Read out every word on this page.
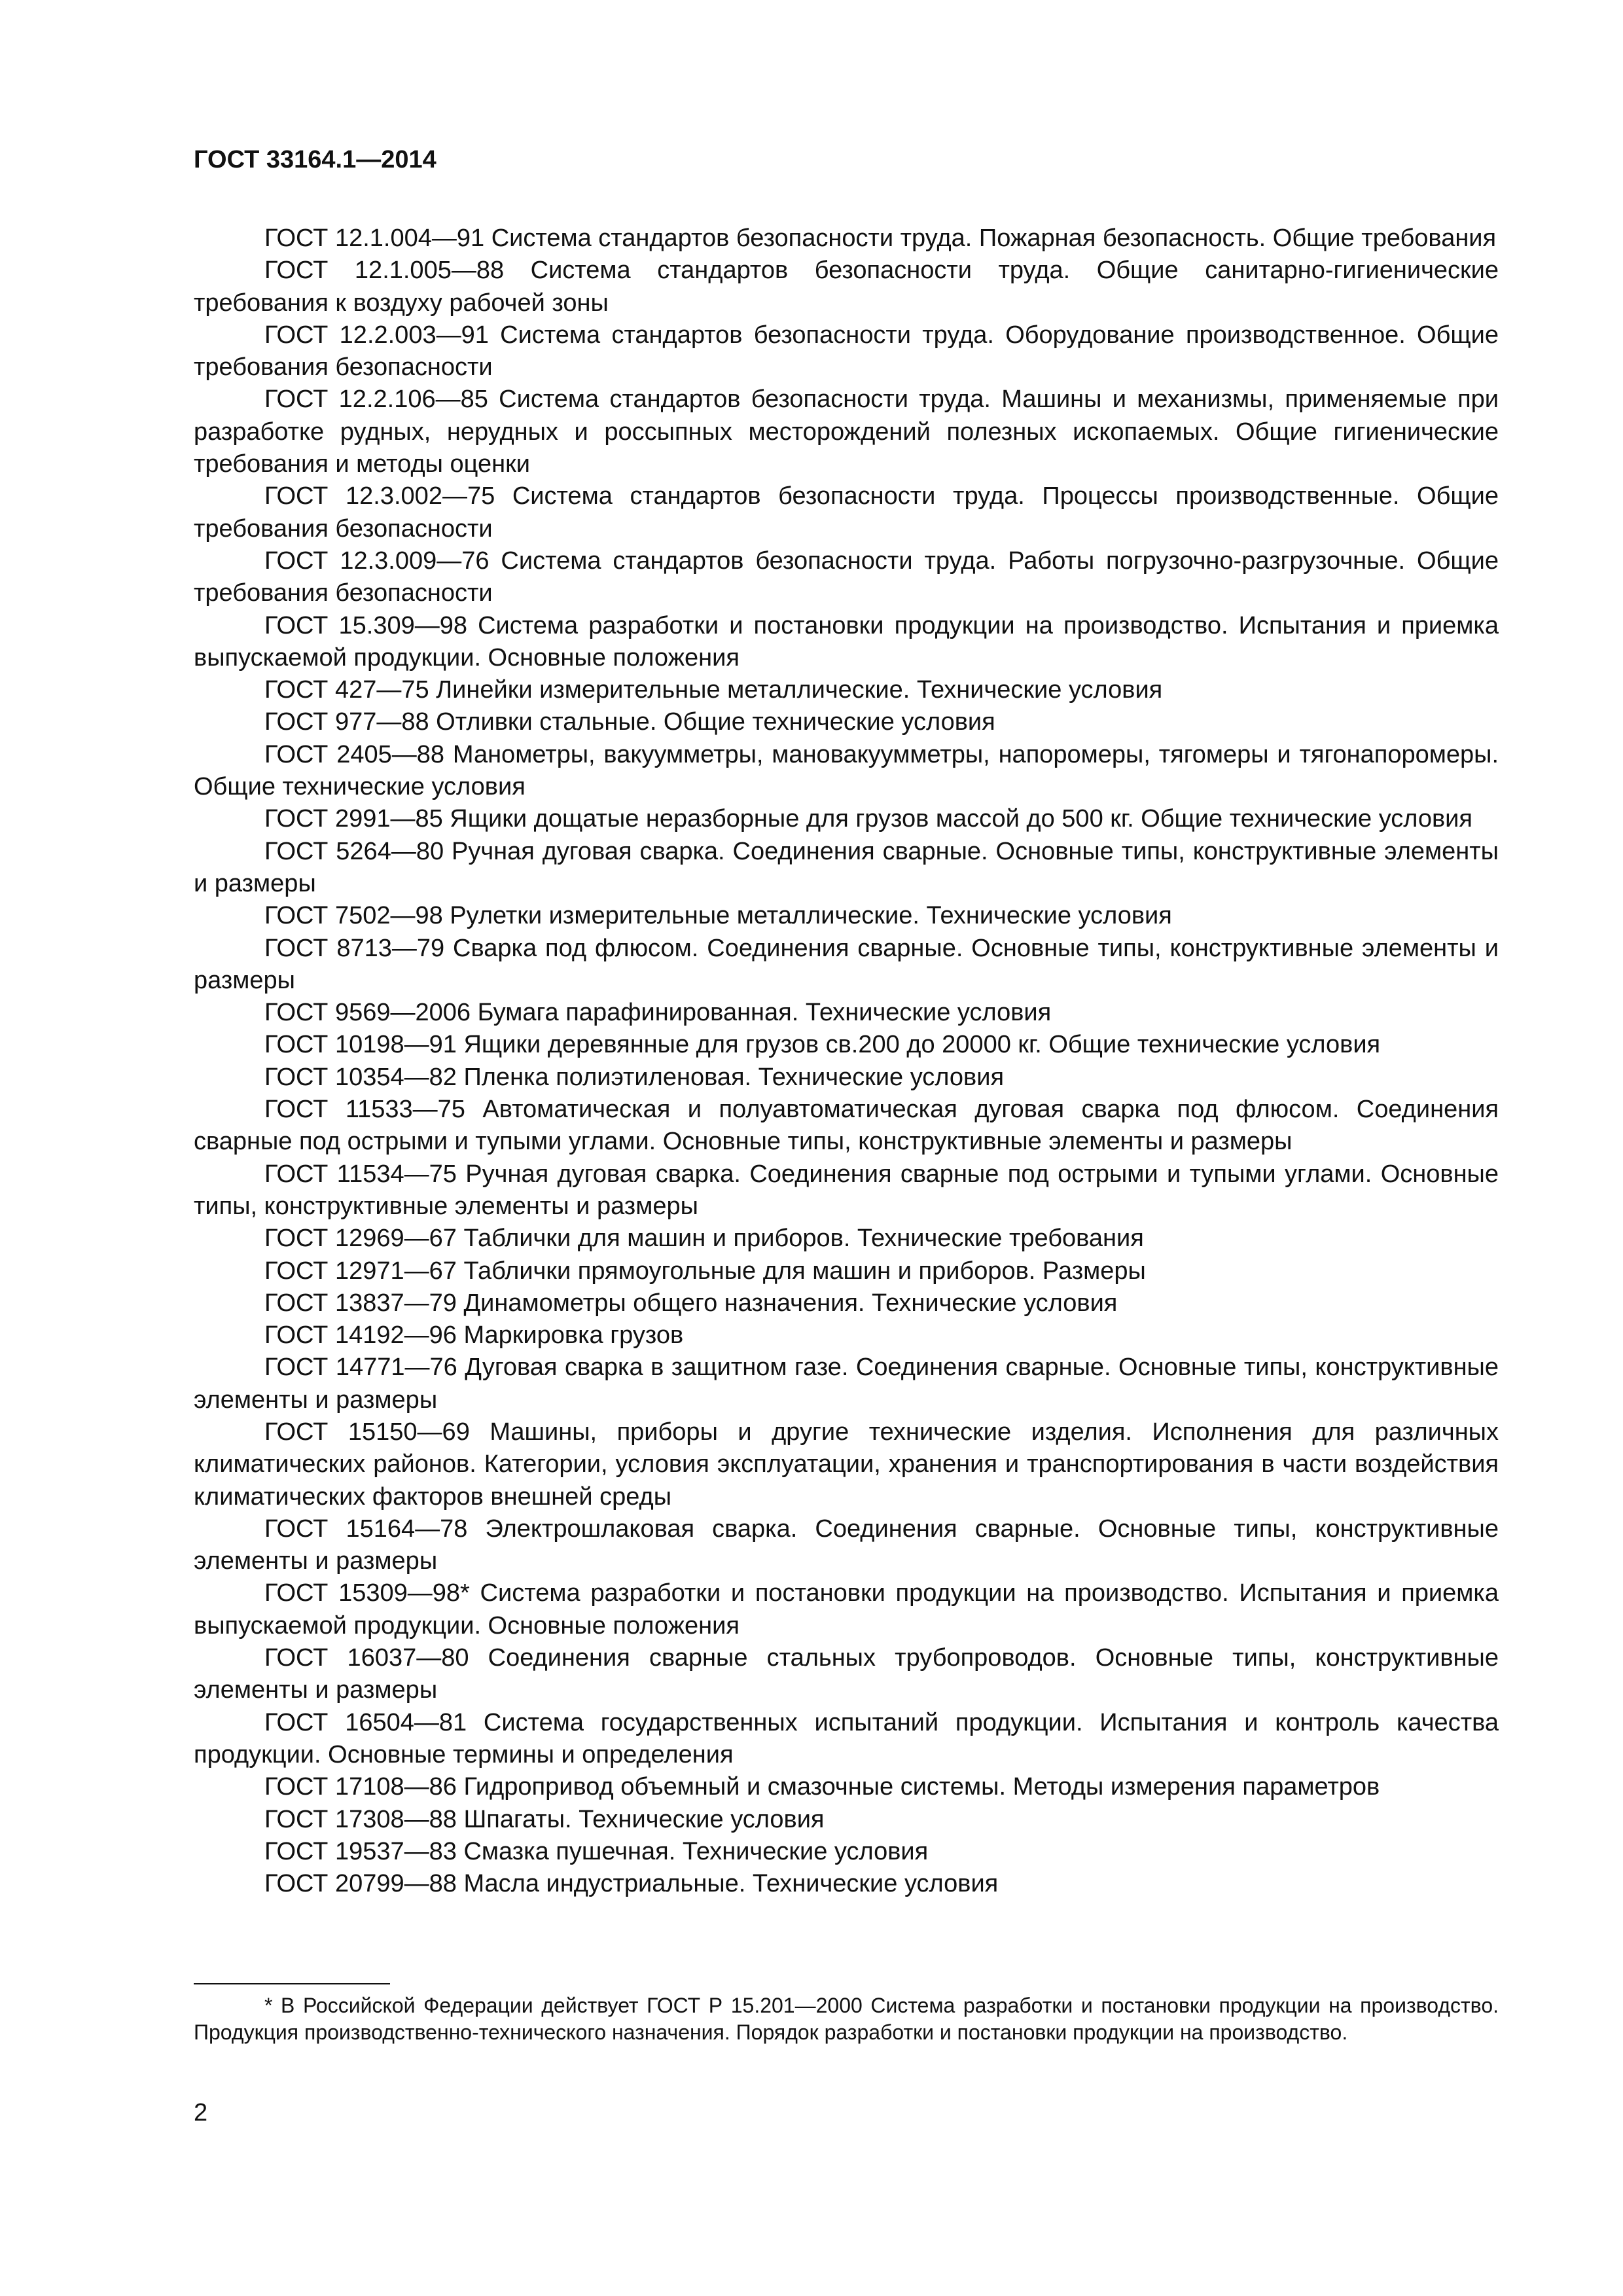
ГОСТ 33164.1—2014

ГОСТ 12.1.004—91 Система стандартов безопасности труда. Пожарная безопасность. Общие требования

ГОСТ 12.1.005—88 Система стандартов безопасности труда. Общие санитарно-гигиенические требования к воздуху рабочей зоны

ГОСТ 12.2.003—91 Система стандартов безопасности труда. Оборудование производственное. Общие требования безопасности

ГОСТ 12.2.106—85 Система стандартов безопасности труда. Машины и механизмы, применяемые при разработке рудных, нерудных и россыпных месторождений полезных ископаемых. Общие гигиенические требования и методы оценки

ГОСТ 12.3.002—75 Система стандартов безопасности труда. Процессы производственные. Общие требования безопасности

ГОСТ 12.3.009—76 Система стандартов безопасности труда. Работы погрузочно-разгрузочные. Общие требования безопасности

ГОСТ 15.309—98 Система разработки и постановки продукции на производство. Испытания и приемка выпускаемой продукции. Основные положения

ГОСТ 427—75 Линейки измерительные металлические. Технические условия

ГОСТ 977—88 Отливки стальные. Общие технические условия

ГОСТ 2405—88 Манометры, вакуумметры, мановакуумметры, напоромеры, тягомеры и тягонапоромеры. Общие технические условия

ГОСТ 2991—85 Ящики дощатые неразборные для грузов массой до 500 кг. Общие технические условия

ГОСТ 5264—80 Ручная дуговая сварка. Соединения сварные. Основные типы, конструктивные элементы и размеры

ГОСТ 7502—98 Рулетки измерительные металлические. Технические условия

ГОСТ 8713—79 Сварка под флюсом. Соединения сварные. Основные типы, конструктивные элементы и размеры

ГОСТ 9569—2006 Бумага парафинированная. Технические условия

ГОСТ 10198—91 Ящики деревянные для грузов св.200 до 20000 кг. Общие технические условия

ГОСТ 10354—82 Пленка полиэтиленовая. Технические условия

ГОСТ 11533—75 Автоматическая и полуавтоматическая дуговая сварка под флюсом. Соединения сварные под острыми и тупыми углами. Основные типы, конструктивные элементы и размеры

ГОСТ 11534—75 Ручная дуговая сварка. Соединения сварные под острыми и тупыми углами. Основные типы, конструктивные элементы и размеры

ГОСТ 12969—67 Таблички для машин и приборов. Технические требования

ГОСТ 12971—67 Таблички прямоугольные для машин и приборов. Размеры

ГОСТ 13837—79 Динамометры общего назначения. Технические условия

ГОСТ 14192—96 Маркировка грузов

ГОСТ 14771—76 Дуговая сварка в защитном газе. Соединения сварные. Основные типы, конструктивные элементы и размеры

ГОСТ 15150—69 Машины, приборы и другие технические изделия. Исполнения для различных климатических районов. Категории, условия эксплуатации, хранения и транспортирования в части воздействия климатических факторов внешней среды

ГОСТ 15164—78 Электрошлаковая сварка. Соединения сварные. Основные типы, конструктивные элементы и размеры

ГОСТ 15309—98* Система разработки и постановки продукции на производство. Испытания и приемка выпускаемой продукции. Основные положения

ГОСТ 16037—80 Соединения сварные стальных трубопроводов. Основные типы, конструктивные элементы и размеры

ГОСТ 16504—81 Система государственных испытаний продукции. Испытания и контроль качества продукции. Основные термины и определения

ГОСТ 17108—86 Гидропривод объемный и смазочные системы. Методы измерения параметров

ГОСТ 17308—88 Шпагаты. Технические условия

ГОСТ 19537—83 Смазка пушечная. Технические условия

ГОСТ 20799—88 Масла индустриальные. Технические условия

* В Российской Федерации действует ГОСТ Р 15.201—2000 Система разработки и постановки продукции на производство. Продукция производственно-технического назначения. Порядок разработки и постановки продукции на производство.

2
